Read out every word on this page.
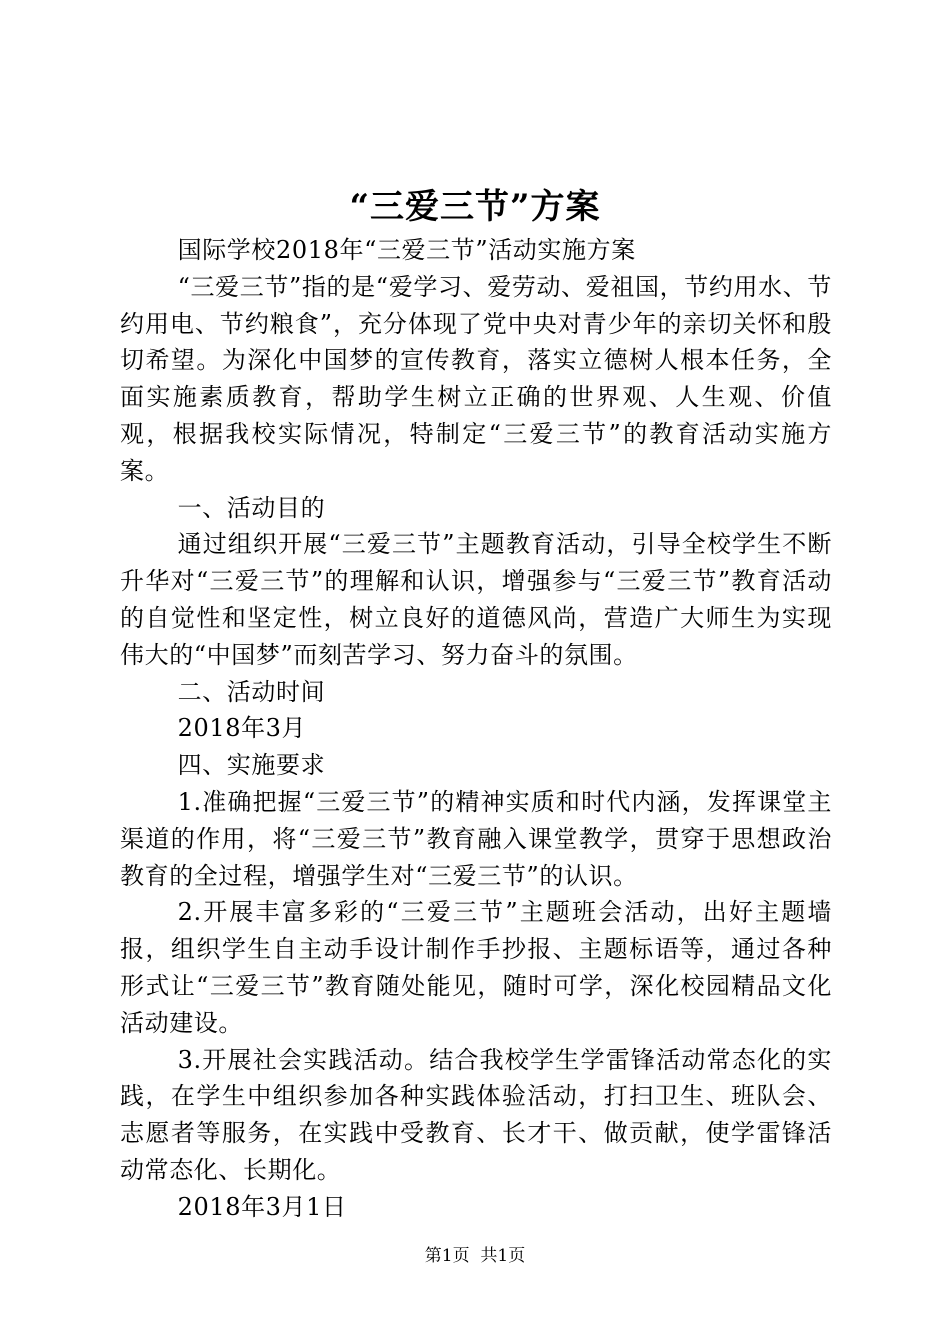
“三爱三节”方案

国际学校2018年“三爱三节”活动实施方案

“三爱三节”指的是“爱学习、爱劳动、爱祖国，节约用水、节约用电、节约粮食”，充分体现了党中央对青少年的亲切关怀和殷切希望。为深化中国梦的宣传教育，落实立德树人根本任务，全面实施素质教育，帮助学生树立正确的世界观、人生观、价值观，根据我校实际情况，特制定“三爱三节”的教育活动实施方案。

一、活动目的

通过组织开展“三爱三节”主题教育活动，引导全校学生不断升华对“三爱三节”的理解和认识，增强参与“三爱三节”教育活动的自觉性和坚定性，树立良好的道德风尚，营造广大师生为实现伟大的“中国梦”而刻苦学习、努力奋斗的氛围。

二、活动时间

2018年3月

四、实施要求

1.准确把握“三爱三节”的精神实质和时代内涵，发挥课堂主渠道的作用，将“三爱三节”教育融入课堂教学，贯穿于思想政治教育的全过程，增强学生对“三爱三节”的认识。

2.开展丰富多彩的“三爱三节”主题班会活动，出好主题墙报，组织学生自主动手设计制作手抄报、主题标语等，通过各种形式让“三爱三节”教育随处能见，随时可学，深化校园精品文化活动建设。

3.开展社会实践活动。结合我校学生学雷锋活动常态化的实践，在学生中组织参加各种实践体验活动，打扫卫生、班队会、志愿者等服务，在实践中受教育、长才干、做贡献，使学雷锋活动常态化、长期化。

2018年3月1日

第1页  共1页
